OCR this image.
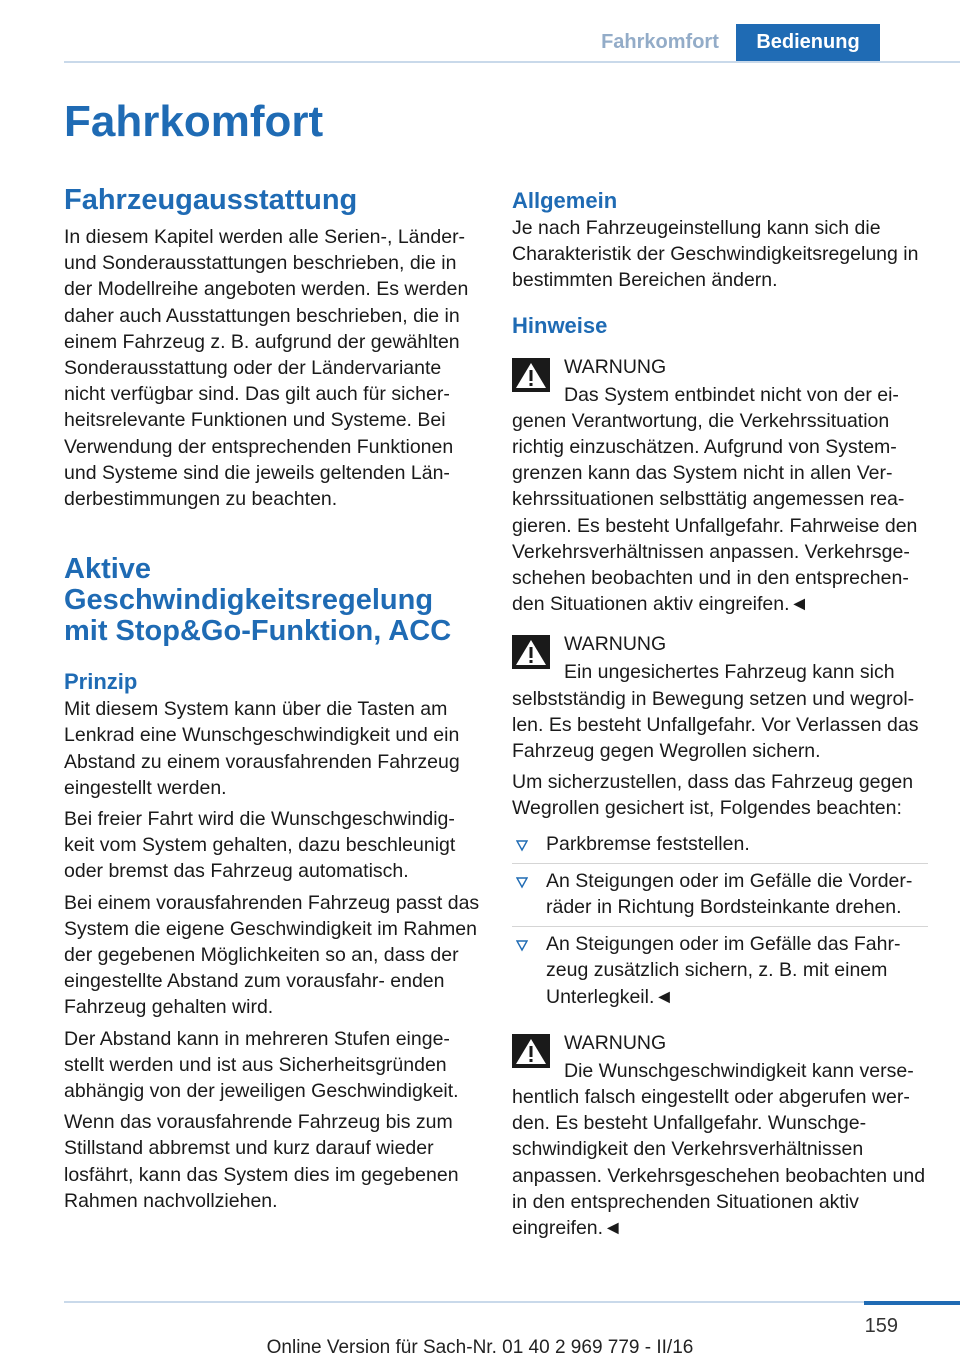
Fahrkomfort	Bedienung
Fahrkomfort
Fahrzeugausstattung

In diesem Kapitel werden alle Serien-, Länder- und Sonderausstattungen beschrieben, die in der Modellreihe angeboten werden. Es werden daher auch Ausstattungen beschrieben, die in einem Fahrzeug z. B. aufgrund der gewählten Sonderausstattung oder der Ländervariante nicht verfügbar sind. Das gilt auch für sicher- heitsrelevante Funktionen und Systeme. Bei Verwendung der entsprechenden Funktionen und Systeme sind die jeweils geltenden Län- derbestimmungen zu beachten.

Aktive Geschwindigkeitsregelung mit Stop&Go-Funktion, ACC
Prinzip

Mit diesem System kann über die Tasten am Lenkrad eine Wunschgeschwindigkeit und ein Abstand zu einem vorausfahrenden Fahrzeug eingestellt werden.

Bei freier Fahrt wird die Wunschgeschwindig- keit vom System gehalten, dazu beschleunigt oder bremst das Fahrzeug automatisch.

Bei einem vorausfahrenden Fahrzeug passt das System die eigene Geschwindigkeit im Rahmen der gegebenen Möglichkeiten so an, dass der eingestellte Abstand zum vorausfahr- enden Fahrzeug gehalten wird.

Der Abstand kann in mehreren Stufen einge- stellt werden und ist aus Sicherheitsgründen abhängig von der jeweiligen Geschwindigkeit.

Wenn das vorausfahrende Fahrzeug bis zum Stillstand abbremst und kurz darauf wieder losfährt, kann das System dies im gegebenen Rahmen nachvollziehen.

Allgemein

Je nach Fahrzeugeinstellung kann sich die Charakteristik der Geschwindigkeitsregelung in bestimmten Bereichen ändern.

Hinweise
WARNUNG

Das System entbindet nicht von der ei- genen Verantwortung, die Verkehrssituation richtig einzuschätzen. Aufgrund von System- grenzen kann das System nicht in allen Ver- kehrssituationen selbsttätig angemessen rea- gieren. Es besteht Unfallgefahr. Fahrweise den Verkehrsverhältnissen anpassen. Verkehrsge- schehen beobachten und in den entsprechen- den Situationen aktiv eingreifen.◄

WARNUNG

Ein ungesichertes Fahrzeug kann sich selbstständig in Bewegung setzen und wegrol- len. Es besteht Unfallgefahr. Vor Verlassen das Fahrzeug gegen Wegrollen sichern.

Um sicherzustellen, dass das Fahrzeug gegen Wegrollen gesichert ist, Folgendes beachten:

Parkbremse feststellen.
An Steigungen oder im Gefälle die Vorder- räder in Richtung Bordsteinkante drehen.
An Steigungen oder im Gefälle das Fahr- zeug zusätzlich sichern, z. B. mit einem Unterlegkeil.◄
WARNUNG

Die Wunschgeschwindigkeit kann verse- hentlich falsch eingestellt oder abgerufen wer- den. Es besteht Unfallgefahr. Wunschge- schwindigkeit den Verkehrsverhältnissen anpassen. Verkehrsgeschehen beobachten und in den entsprechenden Situationen aktiv eingreifen.◄

159
Online Version für Sach-Nr. 01 40 2 969 779 - II/16
